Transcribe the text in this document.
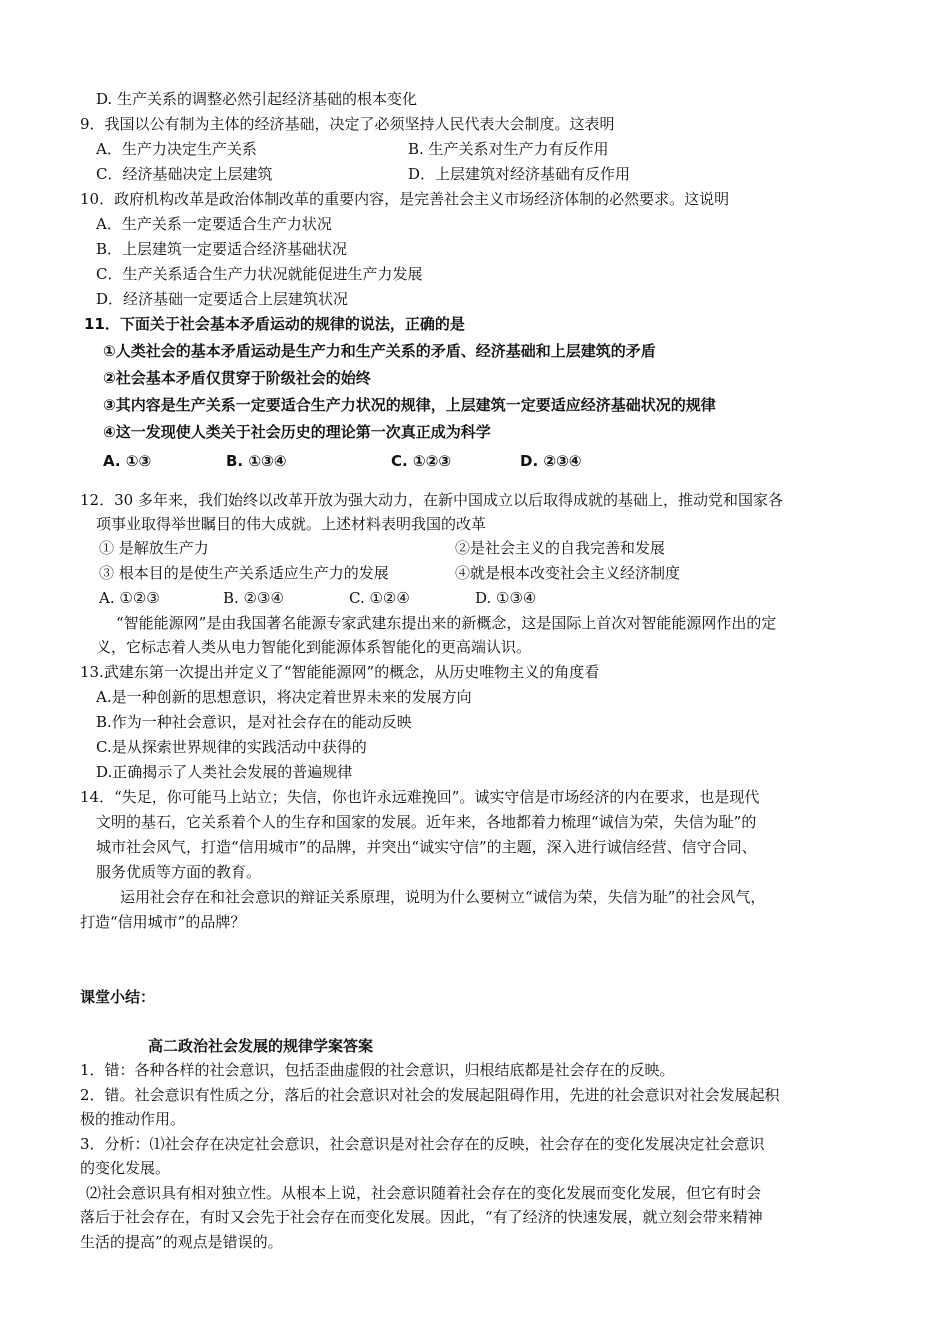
D. 生产关系的调整必然引起经济基础的根本变化
9．我国以公有制为主体的经济基础，决定了必须坚持人民代表大会制度。这表明
A．生产力决定生产关系	B. 生产关系对生产力有反作用
C．经济基础决定上层建筑	D．上层建筑对经济基础有反作用
10．政府机构改革是政治体制改革的重要内容，是完善社会主义市场经济体制的必然要求。这说明
A．生产关系一定要适合生产力状况
B．上层建筑一定要适合经济基础状况
C．生产关系适合生产力状况就能促进生产力发展
D．经济基础一定要适合上层建筑状况
11．下面关于社会基本矛盾运动的规律的说法，正确的是
①人类社会的基本矛盾运动是生产力和生产关系的矛盾、经济基础和上层建筑的矛盾
②社会基本矛盾仅贯穿于阶级社会的始终
③其内容是生产关系一定要适合生产力状况的规律，上层建筑一定要适应经济基础状况的规律
④这一发现使人类关于社会历史的理论第一次真正成为科学
A. ①③	B. ①③④	C. ①②③	D. ②③④
12．30 多年来，我们始终以改革开放为强大动力，在新中国成立以后取得成就的基础上，推动党和国家各
项事业取得举世瞩目的伟大成就。上述材料表明我国的改革
① 是解放生产力	②是社会主义的自我完善和发展
③ 根本目的是使生产关系适应生产力的发展	④就是根本改变社会主义经济制度
A. ①②③	B. ②③④	C. ①②④	D. ①③④
“智能能源网”是由我国著名能源专家武建东提出来的新概念，这是国际上首次对智能能源网作出的定
义，它标志着人类从电力智能化到能源体系智能化的更高端认识。
13.武建东第一次提出并定义了“智能能源网”的概念，从历史唯物主义的角度看
A.是一种创新的思想意识，将决定着世界未来的发展方向
B.作为一种社会意识，是对社会存在的能动反映
C.是从探索世界规律的实践活动中获得的
D.正确揭示了人类社会发展的普遍规律
14．“失足，你可能马上站立；失信，你也许永远难挽回”。诚实守信是市场经济的内在要求，也是现代
文明的基石，它关系着个人的生存和国家的发展。近年来，各地都着力梳理“诚信为荣，失信为耻”的
城市社会风气，打造“信用城市”的品牌，并突出“诚实守信”的主题，深入进行诚信经营、信守合同、
服务优质等方面的教育。
运用社会存在和社会意识的辩证关系原理，说明为什么要树立“诚信为荣，失信为耻”的社会风气，
打造“信用城市”的品牌？
课堂小结：
高二政治社会发展的规律学案答案
1．错：各种各样的社会意识，包括歪曲虚假的社会意识，归根结底都是社会存在的反映。
2．错。社会意识有性质之分，落后的社会意识对社会的发展起阻碍作用，先进的社会意识对社会发展起积
极的推动作用。
3．分析：⑴社会存在决定社会意识，社会意识是对社会存在的反映，社会存在的变化发展决定社会意识
的变化发展。
⑵社会意识具有相对独立性。从根本上说，社会意识随着社会存在的变化发展而变化发展，但它有时会
落后于社会存在，有时又会先于社会存在而变化发展。因此，“有了经济的快速发展，就立刻会带来精神
生活的提高”的观点是错误的。
